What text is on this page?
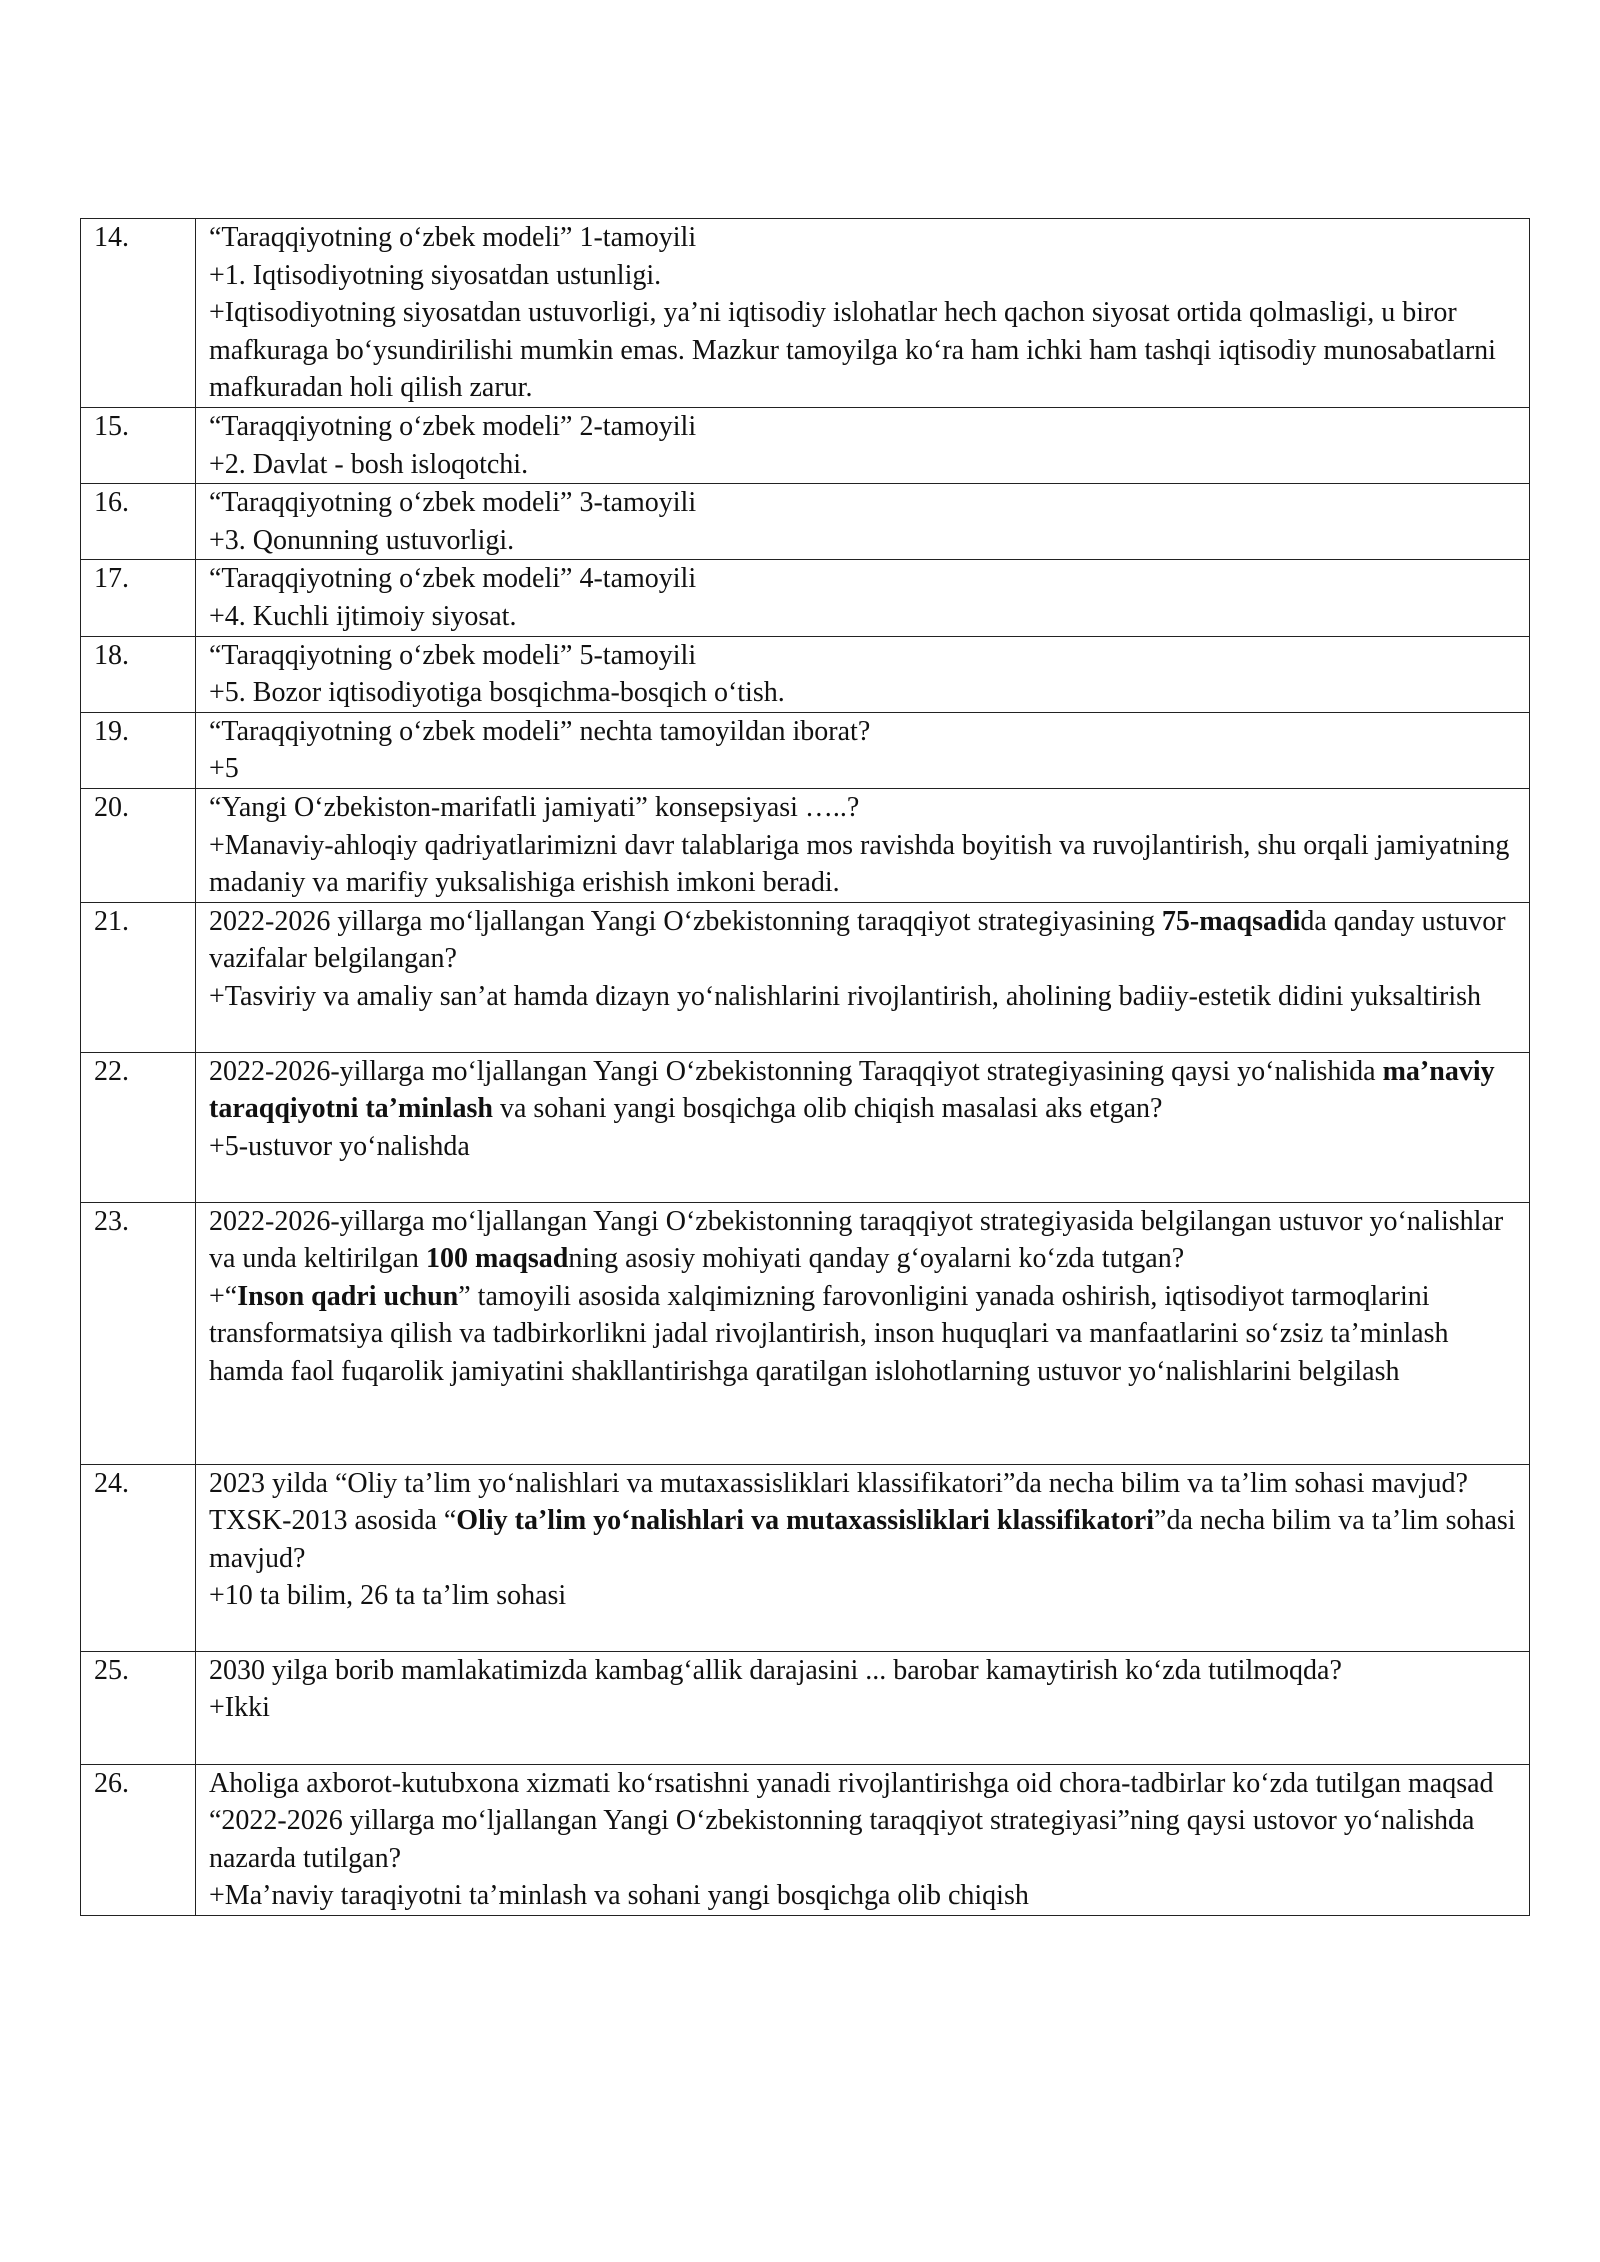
14.	“Taraqqiyotning o‘zbek modeli” 1-tamoyili
+1. Iqtisodiyotning siyosatdan ustunligi.
+Iqtisodiyotning siyosatdan ustuvorligi, ya’ni iqtisodiy islohatlar hech qachon siyosat ortida qolmasligi, u biror mafkuraga bo‘ysundirilishi mumkin emas. Mazkur tamoyilga ko‘ra ham ichki ham tashqi iqtisodiy munosabatlarni mafkuradan holi qilish zarur.

15.	“Taraqqiyotning o‘zbek modeli” 2-tamoyili
+2. Davlat - bosh isloqotchi.

16.	“Taraqqiyotning o‘zbek modeli” 3-tamoyili
+3. Qonunning ustuvorligi.

17.	“Taraqqiyotning o‘zbek modeli” 4-tamoyili
+4. Kuchli ijtimoiy siyosat.

18.	“Taraqqiyotning o‘zbek modeli” 5-tamoyili
+5. Bozor iqtisodiyotiga bosqichma-bosqich o‘tish.

19.	“Taraqqiyotning o‘zbek modeli” nechta tamoyildan iborat?
+5

20.	“Yangi O‘zbekiston-marifatli jamiyati” konsepsiyasi …..?
+Manaviy-ahloqiy qadriyatlarimizni davr talablariga mos ravishda boyitish va ruvojlantirish, shu orqali jamiyatning madaniy va marifiy yuksalishiga erishish imkoni beradi.

21.	2022-2026 yillarga mo‘ljallangan Yangi O‘zbekistonning taraqqiyot strategiyasining 75-maqsadida qanday ustuvor vazifalar belgilangan?
+Tasviriy va amaliy san’at hamda dizayn yo‘nalishlarini rivojlantirish, aholining badiiy-estetik didini yuksaltirish

22.	2022-2026-yillarga mo‘ljallangan Yangi O‘zbekistonning Taraqqiyot strategiyasining qaysi yo‘nalishida ma’naviy taraqqiyotni ta’minlash va sohani yangi bosqichga olib chiqish masalasi aks etgan?
+5-ustuvor yo‘nalishda

23.	2022-2026-yillarga mo‘ljallangan Yangi O‘zbekistonning taraqqiyot strategiyasida belgilangan ustuvor yo‘nalishlar va unda keltirilgan 100 maqsadning asosiy mohiyati qanday g‘oyalarni ko‘zda tutgan?
+“Inson qadri uchun” tamoyili asosida xalqimizning farovonligini yanada oshirish, iqtisodiyot tarmoqlarini transformatsiya qilish va tadbirkorlikni jadal rivojlantirish, inson huquqlari va manfaatlarini so‘zsiz ta’minlash hamda faol fuqarolik jamiyatini shakllantirishga qaratilgan islohotlarning ustuvor yo‘nalishlarini belgilash

24.	2023 yilda “Oliy ta’lim yo‘nalishlari va mutaxassisliklari klassifikatori”da necha bilim va ta’lim sohasi mavjud?
TXSK-2013 asosida “Oliy ta’lim yo‘nalishlari va mutaxassisliklari klassifikatori”da necha bilim va ta’lim sohasi mavjud?
+10 ta bilim, 26 ta ta’lim sohasi

25.	2030 yilga borib mamlakatimizda kambag‘allik darajasini ... barobar kamaytirish ko‘zda tutilmoqda?
+Ikki

26.	Aholiga axborot-kutubxona xizmati ko‘rsatishni yanadi rivojlantirishga oid chora-tadbirlar ko‘zda tutilgan maqsad “2022-2026 yillarga mo‘ljallangan Yangi O‘zbekistonning taraqqiyot strategiyasi”ning qaysi ustovor yo‘nalishda nazarda tutilgan?
+Ma’naviy taraqiyotni ta’minlash va sohani yangi bosqichga olib chiqish
